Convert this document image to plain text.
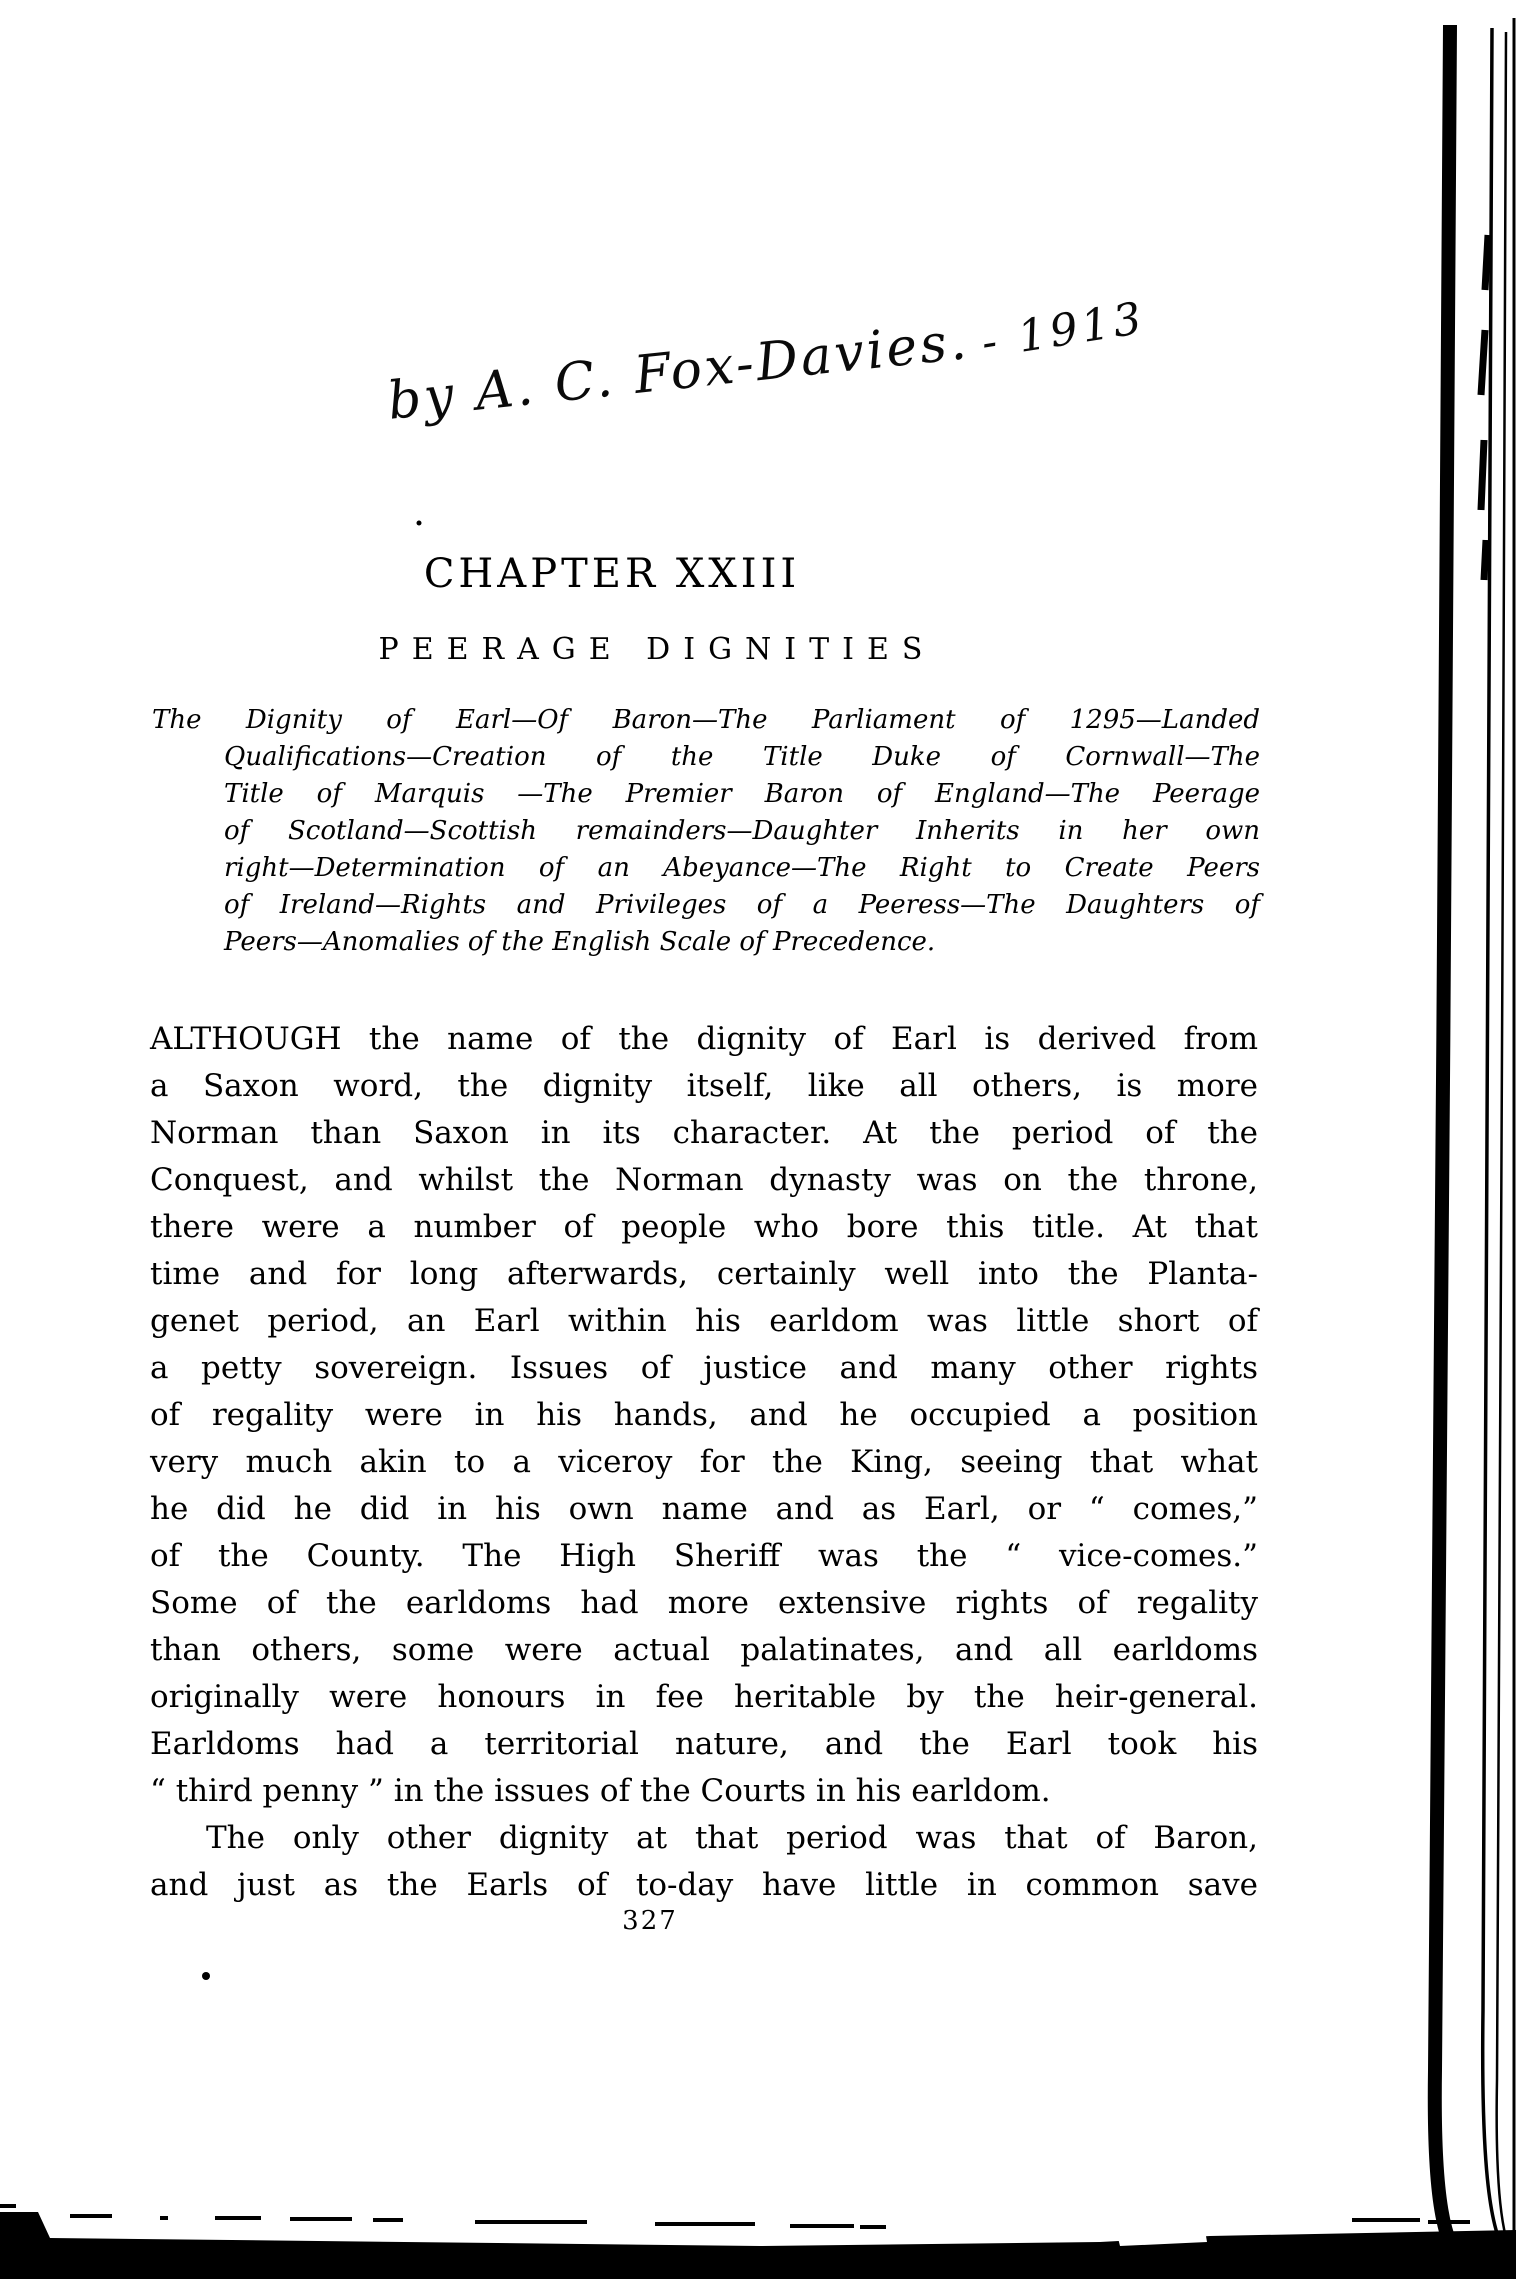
by A. C. Fox-Davies. - 1913
CHAPTER XXIII
PEERAGE DIGNITIES
The Dignity of Earl—Of Baron—The Parliament of 1295—Landed
Qualifications—Creation of the Title Duke of Cornwall—The
Title of Marquis —The Premier Baron of England—The Peerage
of Scotland—Scottish remainders—Daughter Inherits in her own
right—Determination of an Abeyance—The Right to Create Peers
of Ireland—Rights and Privileges of a Peeress—The Daughters of
Peers—Anomalies of the English Scale of Precedence.
ALTHOUGH the name of the dignity of Earl is derived from
a Saxon word, the dignity itself, like all others, is more
Norman than Saxon in its character. At the period of the
Conquest, and whilst the Norman dynasty was on the throne,
there were a number of people who bore this title. At that
time and for long afterwards, certainly well into the Planta-
genet period, an Earl within his earldom was little short of
a petty sovereign. Issues of justice and many other rights
of regality were in his hands, and he occupied a position
very much akin to a viceroy for the King, seeing that what
he did he did in his own name and as Earl, or “ comes,”
of the County. The High Sheriff was the “ vice-comes.”
Some of the earldoms had more extensive rights of regality
than others, some were actual palatinates, and all earldoms
originally were honours in fee heritable by the heir-general.
Earldoms had a territorial nature, and the Earl took his
“ third penny ” in the issues of the Courts in his earldom.
The only other dignity at that period was that of Baron,
and just as the Earls of to-day have little in common save
327
